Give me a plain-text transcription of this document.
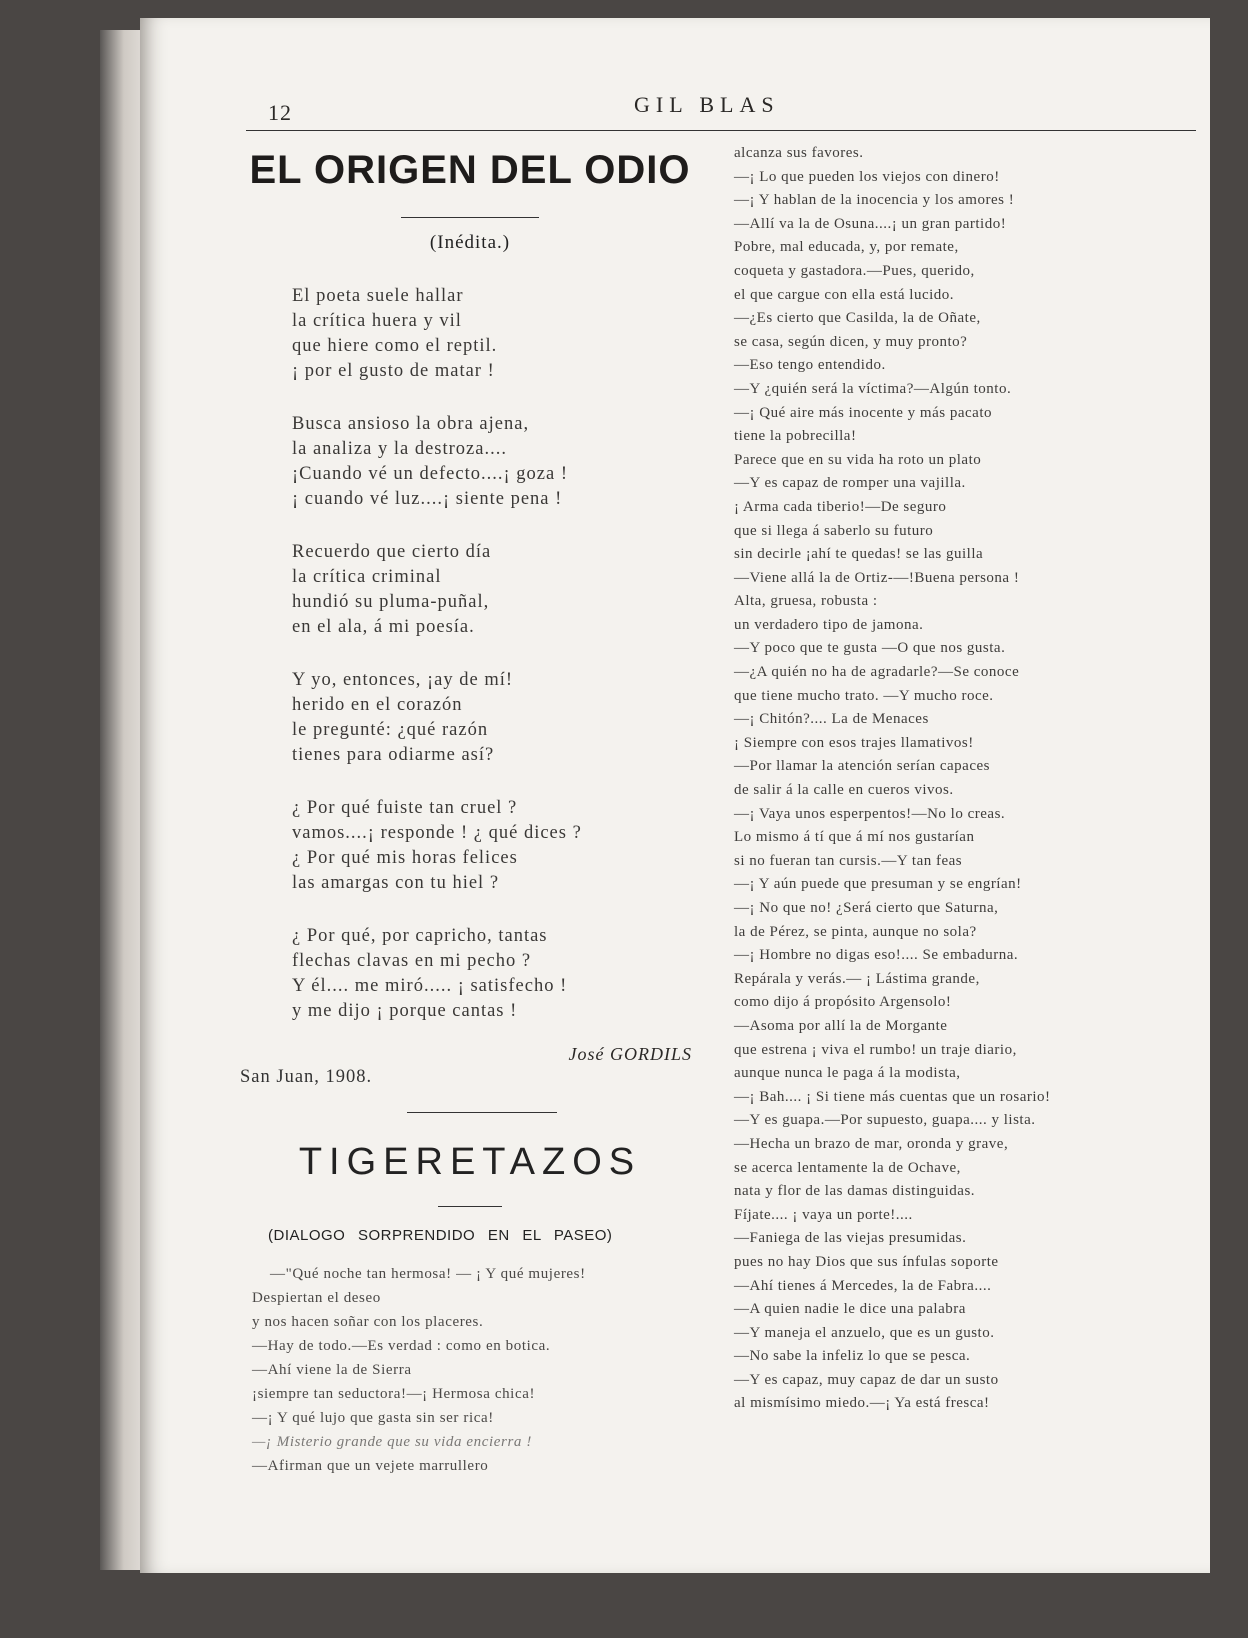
12	GIL BLAS
EL ORIGEN DEL ODIO
(Inédita.)
El poeta suele hallar
la crítica huera y vil
que hiere como el reptil.
¡ por el gusto de matar !
Busca ansioso la obra ajena,
la analiza y la destroza....
¡Cuando vé un defecto....¡ goza !
¡ cuando vé luz....¡ siente pena !
Recuerdo que cierto día
la crítica criminal
hundió su pluma-puñal,
en el ala, á mi poesía.
Y yo, entonces, ¡ay de mí!
herido en el corazón
le pregunté: ¿qué razón
tienes para odiarme así?
¿ Por qué fuiste tan cruel ?
vamos....¡ responde ! ¿ qué dices ?
¿ Por qué mis horas felices
las amargas con tu hiel ?
¿ Por qué, por capricho, tantas
flechas clavas en mi pecho ?
Y él.... me miró..... ¡ satisfecho !
y me dijo ¡ porque cantas !
José GORDILS
San Juan, 1908.
TIGERETAZOS
(DIALOGO SORPRENDIDO EN EL PASEO)
—"Qué noche tan hermosa! — ¡ Y qué mujeres!
Despiertan el deseo
y nos hacen soñar con los placeres.
—Hay de todo.—Es verdad : como en botica.
—Ahí viene la de Sierra
¡siempre tan seductora!—¡ Hermosa chica!
—¡ Y qué lujo que gasta sin ser rica!
—¡ Misterio grande que su vida encierra !
—Afirman que un vejete marrullero
alcanza sus favores.
—¡ Lo que pueden los viejos con dinero!
—¡ Y hablan de la inocencia y los amores !
—Allí va la de Osuna....¡ un gran partido!
Pobre, mal educada, y, por remate,
coqueta y gastadora.—Pues, querido,
el que cargue con ella está lucido.
—¿Es cierto que Casilda, la de Oñate,
se casa, según dicen, y muy pronto?
—Eso tengo entendido.
—Y ¿quién será la víctima?—Algún tonto.
—¡ Qué aire más inocente y más pacato
tiene la pobrecilla!
Parece que en su vida ha roto un plato
—Y es capaz de romper una vajilla.
¡ Arma cada tiberio!—De seguro
que si llega á saberlo su futuro
sin decirle ¡ahí te quedas! se las guilla
—Viene allá la de Ortiz-—!Buena persona !
Alta, gruesa, robusta :
un verdadero tipo de jamona.
—Y poco que te gusta —O que nos gusta.
—¿A quién no ha de agradarle?—Se conoce
que tiene mucho trato. —Y mucho roce.
—¡ Chitón?.... La de Menaces
¡ Siempre con esos trajes llamativos!
—Por llamar la atención serían capaces
de salir á la calle en cueros vivos.
—¡ Vaya unos esperpentos!—No lo creas.
Lo mismo á tí que á mí nos gustarían
si no fueran tan cursis.—Y tan feas
—¡ Y aún puede que presuman y se engrían!
—¡ No que no! ¿Será cierto que Saturna,
la de Pérez, se pinta, aunque no sola?
—¡ Hombre no digas eso!.... Se embadurna.
Repárala y verás.— ¡ Lástima grande,
como dijo á propósito Argensolo!
—Asoma por allí la de Morgante
que estrena ¡ viva el rumbo! un traje diario,
aunque nunca le paga á la modista,
—¡ Bah.... ¡ Si tiene más cuentas que un rosario!
—Y es guapa.—Por supuesto, guapa.... y lista.
—Hecha un brazo de mar, oronda y grave,
se acerca lentamente la de Ochave,
nata y flor de las damas distinguidas.
Fíjate.... ¡ vaya un porte!....
—Faniega de las viejas presumidas.
pues no hay Dios que sus ínfulas soporte
—Ahí tienes á Mercedes, la de Fabra....
—A quien nadie le dice una palabra
—Y maneja el anzuelo, que es un gusto.
—No sabe la infeliz lo que se pesca.
—Y es capaz, muy capaz de dar un susto
al mismísimo miedo.—¡ Ya está fresca!
